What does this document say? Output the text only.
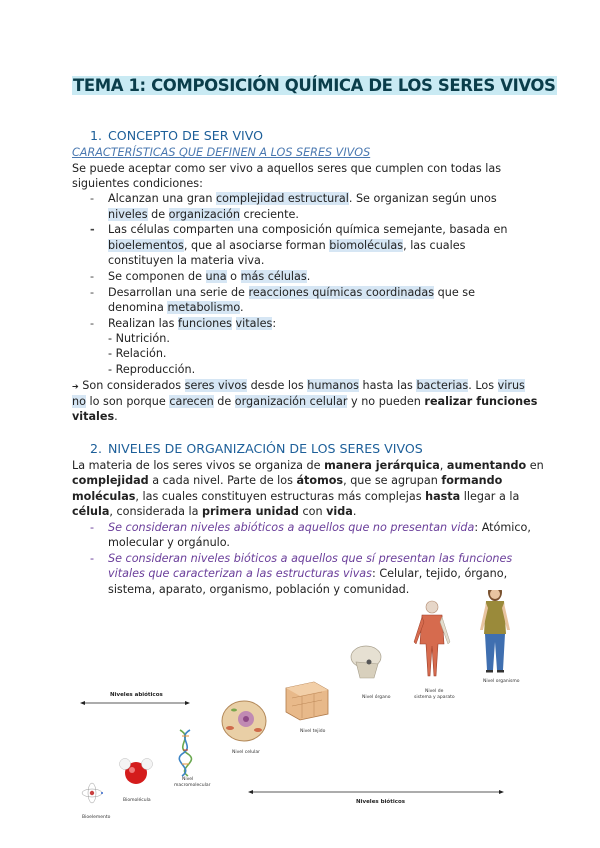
TEMA 1: COMPOSICIÓN QUÍMICA DE LOS SERES VIVOS
1. CONCEPTO DE SER VIVO
CARACTERÍSTICAS QUE DEFINEN A LOS SERES VIVOS
Se puede aceptar como ser vivo a aquellos seres que cumplen con todas las
siguientes condiciones:
- Alcanzan una gran complejidad estructural. Se organizan según unos
niveles de organización creciente.
- Las células comparten una composición química semejante, basada en
bioelementos, que al asociarse forman biomoléculas, las cuales
constituyen la materia viva.
- Se componen de una o más células.
- Desarrollan una serie de reacciones químicas coordinadas que se
denomina metabolismo.
- Realizan las funciones vitales:
- Nutrición.
- Relación.
- Reproducción.
➔ Son considerados seres vivos desde los humanos hasta las bacterias. Los virus
no lo son porque carecen de organización celular y no pueden realizar funciones
vitales.
2. NIVELES DE ORGANIZACIÓN DE LOS SERES VIVOS
La materia de los seres vivos se organiza de manera jerárquica, aumentando en
complejidad a cada nivel. Parte de los átomos, que se agrupan formando
moléculas, las cuales constituyen estructuras más complejas hasta llegar a la
célula, considerada la primera unidad con vida.
- Se consideran niveles abióticos a aquellos que no presentan vida: Atómico,
molecular y orgánulo.
- Se consideran niveles bióticos a aquellos que sí presentan las funciones
vitales que caracterizan a las estructuras vivas: Celular, tejido, órgano,
sistema, aparato, organismo, población y comunidad.
Niveles abióticos
Niveles bióticos
Bioelemento
Biomolécula
Nivel
macromolecular
Nivel celular
Nivel tejido
Nivel órgano
Nivel de
sistema y aparato
Nivel organismo
